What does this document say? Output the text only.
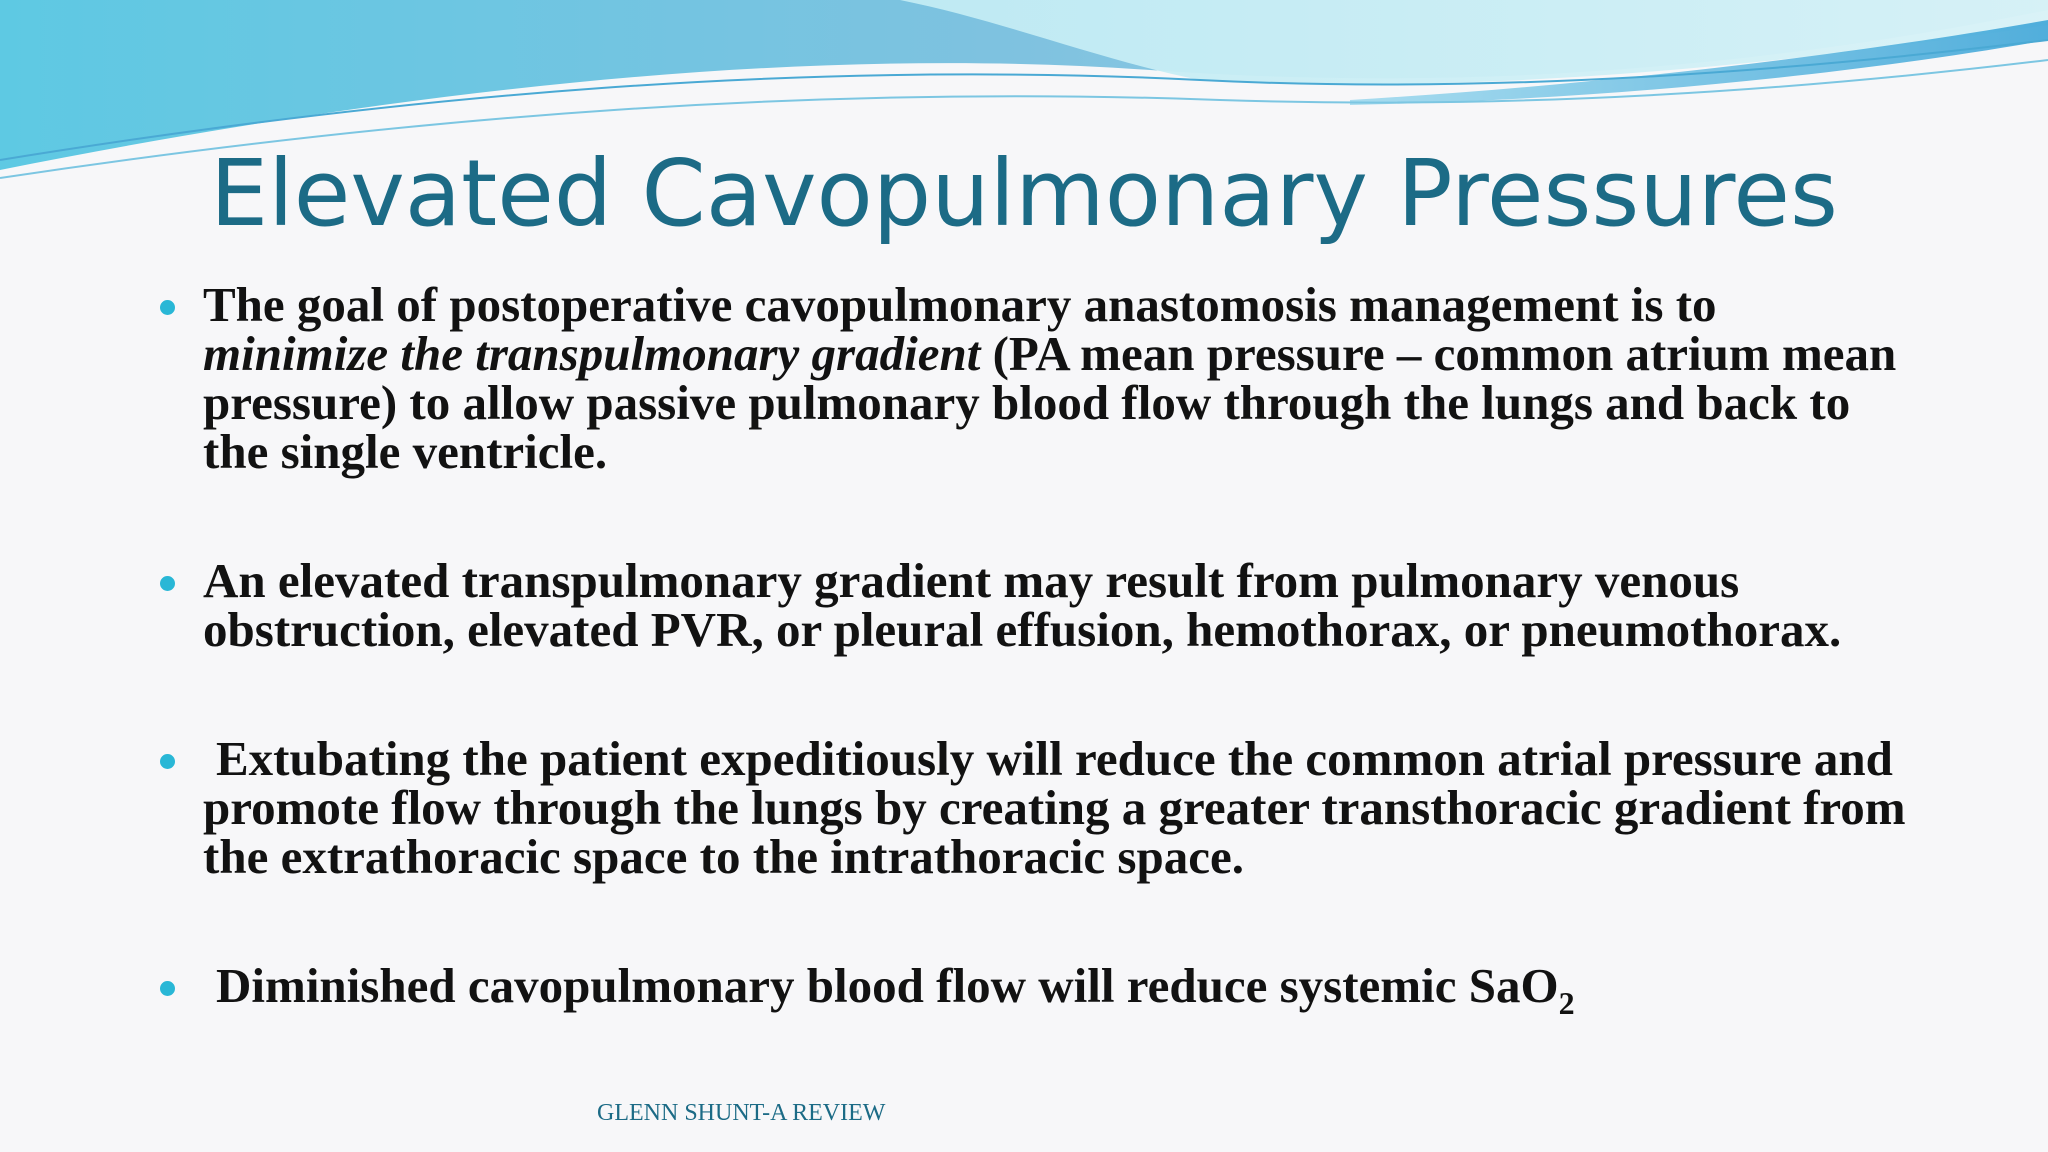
Elevated Cavopulmonary Pressures
The goal of postoperative cavopulmonary anastomosis management is to minimize the transpulmonary gradient (PA mean pressure – common atrium mean pressure) to allow passive pulmonary blood flow through the lungs and back to the single ventricle.
An elevated transpulmonary gradient may result from pulmonary venous obstruction, elevated PVR, or pleural effusion, hemothorax, or pneumothorax.
Extubating the patient expeditiously will reduce the common atrial pressure and promote flow through the lungs by creating a greater transthoracic gradient from the extrathoracic space to the intrathoracic space.
Diminished cavopulmonary blood flow will reduce systemic SaO$_2$
GLENN SHUNT-A REVIEW
